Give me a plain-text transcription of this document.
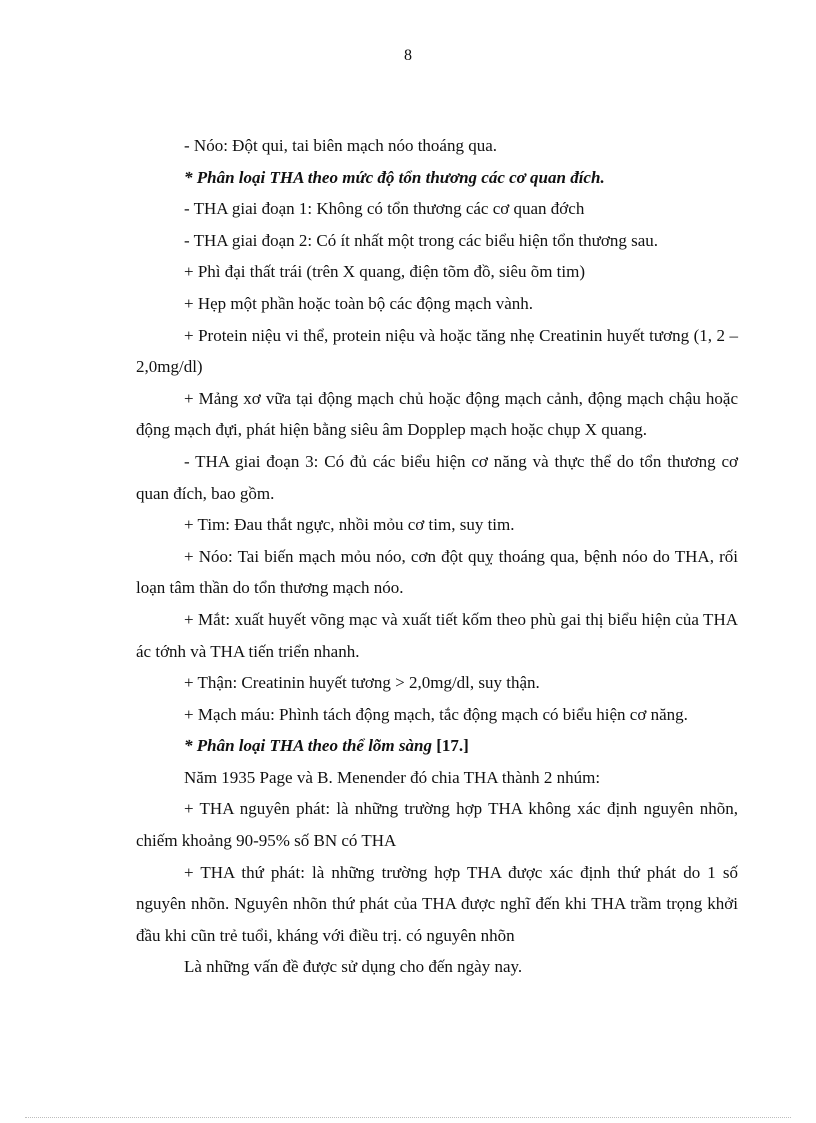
8

- Nóo: Đột qui, tai biên mạch nóo thoáng qua.

* Phân loại THA theo mức độ tổn thương các cơ quan đích.

- THA giai đoạn 1: Không có tổn thương các cơ quan đớch

- THA giai đoạn 2: Có ít nhất một trong các biểu hiện tổn thương sau.

+ Phì đại thất trái (trên X quang, điện tõm đồ, siêu õm tim)

+ Hẹp một phần hoặc toàn bộ các động mạch vành.

+ Protein niệu vi thể, protein niệu và hoặc tăng nhẹ Creatinin huyết tương (1, 2 – 2,0mg/dl)

+ Mảng xơ vữa tại động mạch chủ hoặc động mạch cảnh, động mạch chậu hoặc động mạch đựi, phát hiện bằng siêu âm Dopplep mạch hoặc chụp X quang.

- THA giai đoạn 3: Có đủ các biểu hiện cơ năng và thực thể do tổn thương cơ quan đích, bao gồm.

+ Tim: Đau thắt ngực, nhồi mỏu cơ tim, suy tim.

+ Nóo: Tai biến mạch mỏu nóo, cơn đột quỵ thoáng qua, bệnh nóo do THA, rối loạn tâm thần do tổn thương mạch nóo.

+ Mắt: xuất huyết võng mạc và xuất tiết kốm theo phù gai thị biểu hiện của THA ác tớnh và THA tiến triển nhanh.

+ Thận: Creatinin huyết tương > 2,0mg/dl, suy thận.

+ Mạch máu: Phình tách động mạch, tắc động mạch có biểu hiện cơ năng.

* Phân loại THA theo thể lõm sàng [17.]

Năm 1935 Page và B. Menender đó chia THA thành 2 nhúm:

+ THA nguyên phát: là những trường hợp THA không xác định nguyên nhõn, chiếm khoảng 90-95% số BN có THA

+ THA thứ phát: là những trường hợp THA được xác định thứ phát do 1 số nguyên nhõn. Nguyên nhõn thứ phát của THA được nghĩ đến khi THA trầm trọng khởi đầu khi cũn trẻ tuổi, kháng với điều trị. có nguyên nhõn

Là những vấn đề được sử dụng cho đến ngày nay.
